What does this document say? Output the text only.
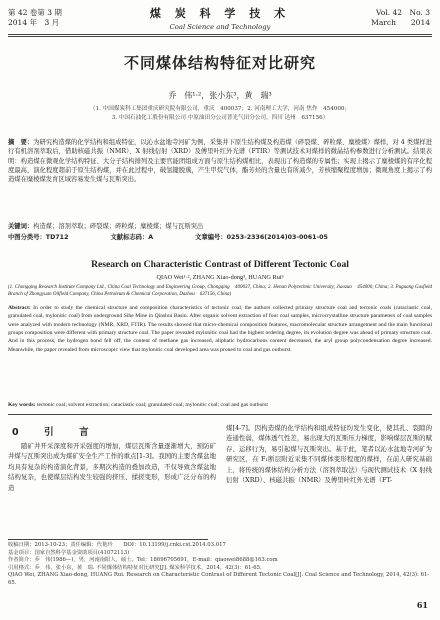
第 42 卷第 3 期
2014 年　3 月
煤 炭 科 学 技 术
Coal Science and Technology
Vol. 42　No. 3
March　　2014
不同煤体结构特征对比研究
乔　伟¹·²，张小东³，黄　瑞³
（1. 中国煤炭科工集团重庆研究院有限公司，重庆　400037；2. 河南理工大学，河南 焦作　454000；
3. 中国石油化工股份有限公司 中原油田分公司普光气田分公司，四川 达州　637156）
摘　要：为研究构造煤的化学结构和组成特征，以沁水盆地寺河矿为例，采集井下原生结构煤及构造煤（碎裂煤、碎粒煤、糜棱煤）煤样，对 4 类煤样进行有机溶剂萃取后，借助核磁共振（NMR）、X 射线衍射（XRD）及傅里叶红外光谱（FTIR）等测试技术对煤样的微晶结构参数进行分析测试。结果表明：构造煤在微观化学结构特征、大分子结构排列及主要官能团组成方面与原生结构煤相比，表现出了构造煤的专属性；实现上揭示了糜棱煤的有序化程度最高，演化程度超前于原生结构煤，并在此过程中，破氢键脱羰，产生甲烷气体，酯芳烃的含量也有所减少，芳核缩聚程度增加；微观角度上揭示了构造煤在糜棱煤发育区域容易发生煤与瓦斯突出。
关键词：构造煤；溶剂萃取；碎裂煤；碎粒煤；糜棱煤；煤与瓦斯突出
中图分类号：TD712	文献标志码：A	文章编号：0253-2336(2014)03-0061-05
Research on Characteristic Contrast of Different Tectonic Coal
QIAO Wei¹·², ZHANG Xiao-dong³, HUANG Rui³
(1. Chongqing Research Institute Company Ltd., China Coal Technology and Engineering Group, Chongqing　400037, China; 2. Henan Polytechnic University, Jiaozuo　454000, China; 3. Puguang Gasfield Branch of Zhongyuan Oilfield Company, China Petroleum & Chemical Corporation, Dazhou　637156, China)
Abstract: In order to study the chemical structure and composition characteristics of tectonic coal, the authors collected primary structure coal and tectonic coals (cataclastic coal, granulated coal, mylonitic coal) from underground Sihe Mine in Qinshui Basin. After organic solvent extraction of four coal samples, microcrystalline structure parameters of coal samples were analyzed with modern technology (NMR, XRD, FTIR). The results showed that micro-chemical composition features, macromolecular structure arrangement and the main functional groups composition were different with primary structure coal. The paper revealed mylonitic coal had the highest ordering degree, its evolution degree was ahead of primary structure coal. And in this process, the hydrogen bond fell off, the content of methane gas increased, aliphatic hydrocarbons content decreased, the aryl group polycondensation degree increased. Meanwhile, the paper revealed from microscopic view that mylonitic coal developed area was proned to coal and gas outburst.
Key words: tectonic coal; solvent extraction; cataclastic coal; granulated coal; mylonitic coal; coal and gas outburst
0　引　言
随矿井开采深度和开采强度的增加，煤层瓦斯含量逐渐增大，预防矿井煤与瓦斯突出成为煤矿安全生产工作的重点[1-3]。我国的主要含煤盆地均具有复杂的构造演化背景，多期次构造的叠加改造，不仅导致含煤盆地结构复杂，也使煤层结构发生较强的挤压、揉搓变形，形成广泛分布的构造
煤[4-7]。因构造煤的化学结构和组成特征均发生变化，使其孔、裂隙的连通性弱，煤体透气性差，易出现大的瓦斯压力梯度，影响煤层瓦斯的赋存、运移行为，易引起煤与瓦斯突出。基于此，笔者以沁水盆地寺河矿为研究区，在 F₁断层附近采集不同煤体变形程度的煤样，在前人研究基础上，将传统的煤体结构分析方法（溶剂萃取法）与现代测试技术（X 射线衍射（XRD）、核磁共振（NMR）及傅里叶红外光谱（FT-
收稿日期：2013-10-23；责任编辑：代艳玲　　DOI：10.13199/j.cnki.cst.2014.03.017
基金项目：国家自然科学基金资助项目(41072113)
作者简介：乔　伟(1986—)，男，河南南阳人，硕士。Tel：18696705691，E-mail：qiaowei8688@163.com
引用格式：乔　伟，张小东，黄　瑞. 不同煤体结构特征对比研究[J]. 煤炭科学技术，2014，42(3)：61-65.
QIAO Wei, ZHANG Xiao-dong, HUANG Rui. Research on Characteristic Contrast of Different Tectonic Coal[J]. Coal Science and Technology, 2014, 42(3): 61-65.
61
万方数据
万方数据
万方数据
